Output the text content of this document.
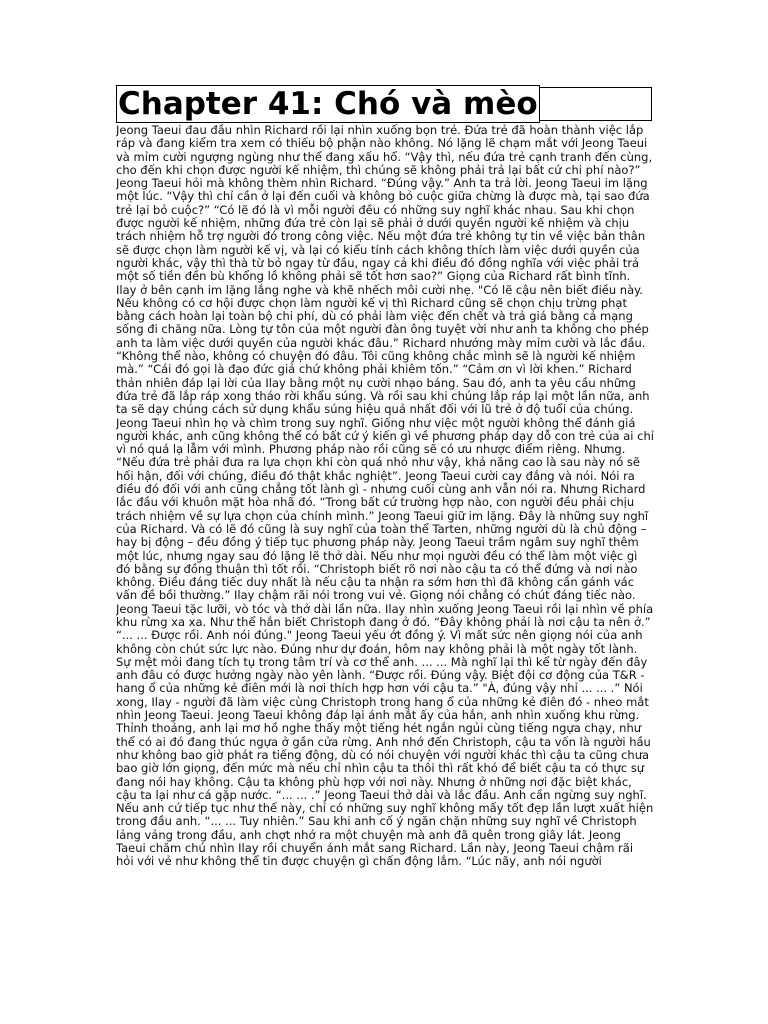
Chapter 41: Chó và mèo

Jeong Taeui đau đầu nhìn Richard rồi lại nhìn xuống bọn trẻ. Đứa trẻ đã hoàn thành việc lắp ráp và đang kiểm tra xem có thiếu bộ phận nào không. Nó lặng lẽ chạm mắt với Jeong Taeui và mỉm cười ngượng ngùng như thể đang xấu hổ. “Vậy thì, nếu đứa trẻ cạnh tranh đến cùng, cho đến khi chọn được người kế nhiệm, thì chúng sẽ không phải trả lại bất cứ chi phí nào?” Jeong Taeui hỏi mà không thèm nhìn Richard. “Đúng vậy.” Anh ta trả lời. Jeong Taeui im lặng một lúc. “Vậy thì chỉ cần ở lại đến cuối và không bỏ cuộc giữa chừng là được mà, tại sao đứa trẻ lại bỏ cuộc?” “Có lẽ đó là vì mỗi người đều có những suy nghĩ khác nhau. Sau khi chọn được người kế nhiệm, những đứa trẻ còn lại sẽ phải ở dưới quyền người kế nhiệm và chịu trách nhiệm hỗ trợ người đó trong công việc. Nếu một đứa trẻ không tự tin về việc bản thân sẽ được chọn làm người kế vị, và lại có kiểu tính cách không thích làm việc dưới quyền của người khác, vậy thì thà từ bỏ ngay từ đầu, ngay cả khi điều đó đồng nghĩa với việc phải trả một số tiền đền bù khổng lồ không phải sẽ tốt hơn sao?” Giọng của Richard rất bình tĩnh. Ilay ở bên cạnh im lặng lắng nghe và khẽ nhếch môi cười nhẹ. "Có lẽ cậu nên biết điều này. Nếu không có cơ hội được chọn làm người kế vị thì Richard cũng sẽ chọn chịu trừng phạt bằng cách hoàn lại toàn bộ chi phí, dù có phải làm việc đến chết và trả giá bằng cả mạng sống đi chăng nữa. Lòng tự tôn của một người đàn ông tuyệt vời như anh ta không cho phép anh ta làm việc dưới quyền của người khác đâu.” Richard nhướng mày mỉm cười và lắc đầu. “Không thể nào, không có chuyện đó đâu. Tôi cũng không chắc mình sẽ là người kế nhiệm mà.” “Cái đó gọi là đạo đức giả chứ không phải khiêm tốn.” “Cảm ơn vì lời khen.” Richard thản nhiên đáp lại lời của Ilay bằng một nụ cười nhạo báng. Sau đó, anh ta yêu cầu những đứa trẻ đã lắp ráp xong tháo rời khẩu súng. Và rồi sau khi chúng lắp ráp lại một lần nữa, anh ta sẽ dạy chúng cách sử dụng khẩu súng hiệu quả nhất đối với lũ trẻ ở độ tuổi của chúng. Jeong Taeui nhìn họ và chìm trong suy nghĩ. Giống như việc một người không thể đánh giá người khác, anh cũng không thể có bất cứ ý kiến gì về phương pháp dạy dỗ con trẻ của ai chỉ vì nó quá lạ lẫm với mình. Phương pháp nào rồi cũng sẽ có ưu nhược điểm riêng. Nhưng. “Nếu đứa trẻ phải đưa ra lựa chọn khi còn quá nhỏ như vậy, khả năng cao là sau này nó sẽ hối hận, đối với chúng, điều đó thật khắc nghiệt”. Jeong Taeui cười cay đắng và nói. Nói ra điều đó đối với anh cũng chẳng tốt lành gì - nhưng cuối cùng anh vẫn nói ra. Nhưng Richard lắc đầu với khuôn mặt hòa nhã đó. “Trong bất cứ trường hợp nào, con người đều phải chịu trách nhiệm về sự lựa chọn của chính mình.” Jeong Taeui giữ im lặng. Đây là những suy nghĩ của Richard. Và có lẽ đó cũng là suy nghĩ của toàn thể Tarten, những người dù là chủ động – hay bị động – đều đồng ý tiếp tục phương pháp này. Jeong Taeui trầm ngâm suy nghĩ thêm một lúc, nhưng ngay sau đó lặng lẽ thở dài. Nếu như mọi người đều có thể làm một việc gì đó bằng sự đồng thuận thì tốt rồi. “Christoph biết rõ nơi nào cậu ta có thể đứng và nơi nào không. Điều đáng tiếc duy nhất là nếu cậu ta nhận ra sớm hơn thì đã không cần gánh vác vấn đề bồi thường.” Ilay chậm rãi nói trong vui vẻ. Giọng nói chẳng có chút đáng tiếc nào. Jeong Taeui tặc lưỡi, vò tóc và thở dài lần nữa. Ilay nhìn xuống Jeong Taeui rồi lại nhìn về phía khu rừng xa xa. Như thể hắn biết Christoph đang ở đó. “Đây không phải là nơi cậu ta nên ở.” “... ... Được rồi. Anh nói đúng." Jeong Taeui yếu ớt đồng ý. Vì mất sức nên giọng nói của anh không còn chút sức lực nào. Đúng như dự đoán, hôm nay không phải là một ngày tốt lành. Sự mệt mỏi đang tích tụ trong tâm trí và cơ thể anh. ... ... Mà nghĩ lại thì kể từ ngày đến đây anh đâu có được hưởng ngày nào yên lành. “Được rồi. Đúng vậy. Biệt đội cơ động của T&R - hang ổ của những kẻ điên mới là nơi thích hợp hơn với cậu ta.” "À, đúng vậy nhỉ ... ... .” Nói xong, Ilay - người đã làm việc cùng Christoph trong hang ổ của những kẻ điên đó - nheo mắt nhìn Jeong Taeui. Jeong Taeui không đáp lại ánh mắt ấy của hắn, anh nhìn xuống khu rừng. Thỉnh thoảng, anh lại mơ hồ nghe thấy một tiếng hét ngắn ngủi cùng tiếng ngựa chạy, như thể có ai đó đang thúc ngựa ở gần cửa rừng. Anh nhớ đến Christoph, cậu ta vốn là người hầu như không bao giờ phát ra tiếng động, dù có nói chuyện với người khác thì cậu ta cũng chưa bao giờ lớn giọng, đến mức mà nếu chỉ nhìn cậu ta thôi thì rất khó để biết cậu ta có thực sự đang nói hay không. Cậu ta không phù hợp với nơi này. Nhưng ở những nơi đặc biệt khác, cậu ta lại như cá gặp nước. “... ... .” Jeong Taeui thở dài và lắc đầu. Anh cần ngừng suy nghĩ. Nếu anh cứ tiếp tục như thế này, chỉ có những suy nghĩ không mấy tốt đẹp lần lượt xuất hiện trong đầu anh. “... ... Tuy nhiên.” Sau khi anh cố ý ngăn chặn những suy nghĩ về Christoph lảng vảng trong đầu, anh chợt nhớ ra một chuyện mà anh đã quên trong giây lát. Jeong Taeui chăm chú nhìn Ilay rồi chuyển ánh mắt sang Richard. Lần này, Jeong Taeui chậm rãi hỏi với vẻ như không thể tin được chuyện gì chấn động lắm. “Lúc nãy, anh nói người
